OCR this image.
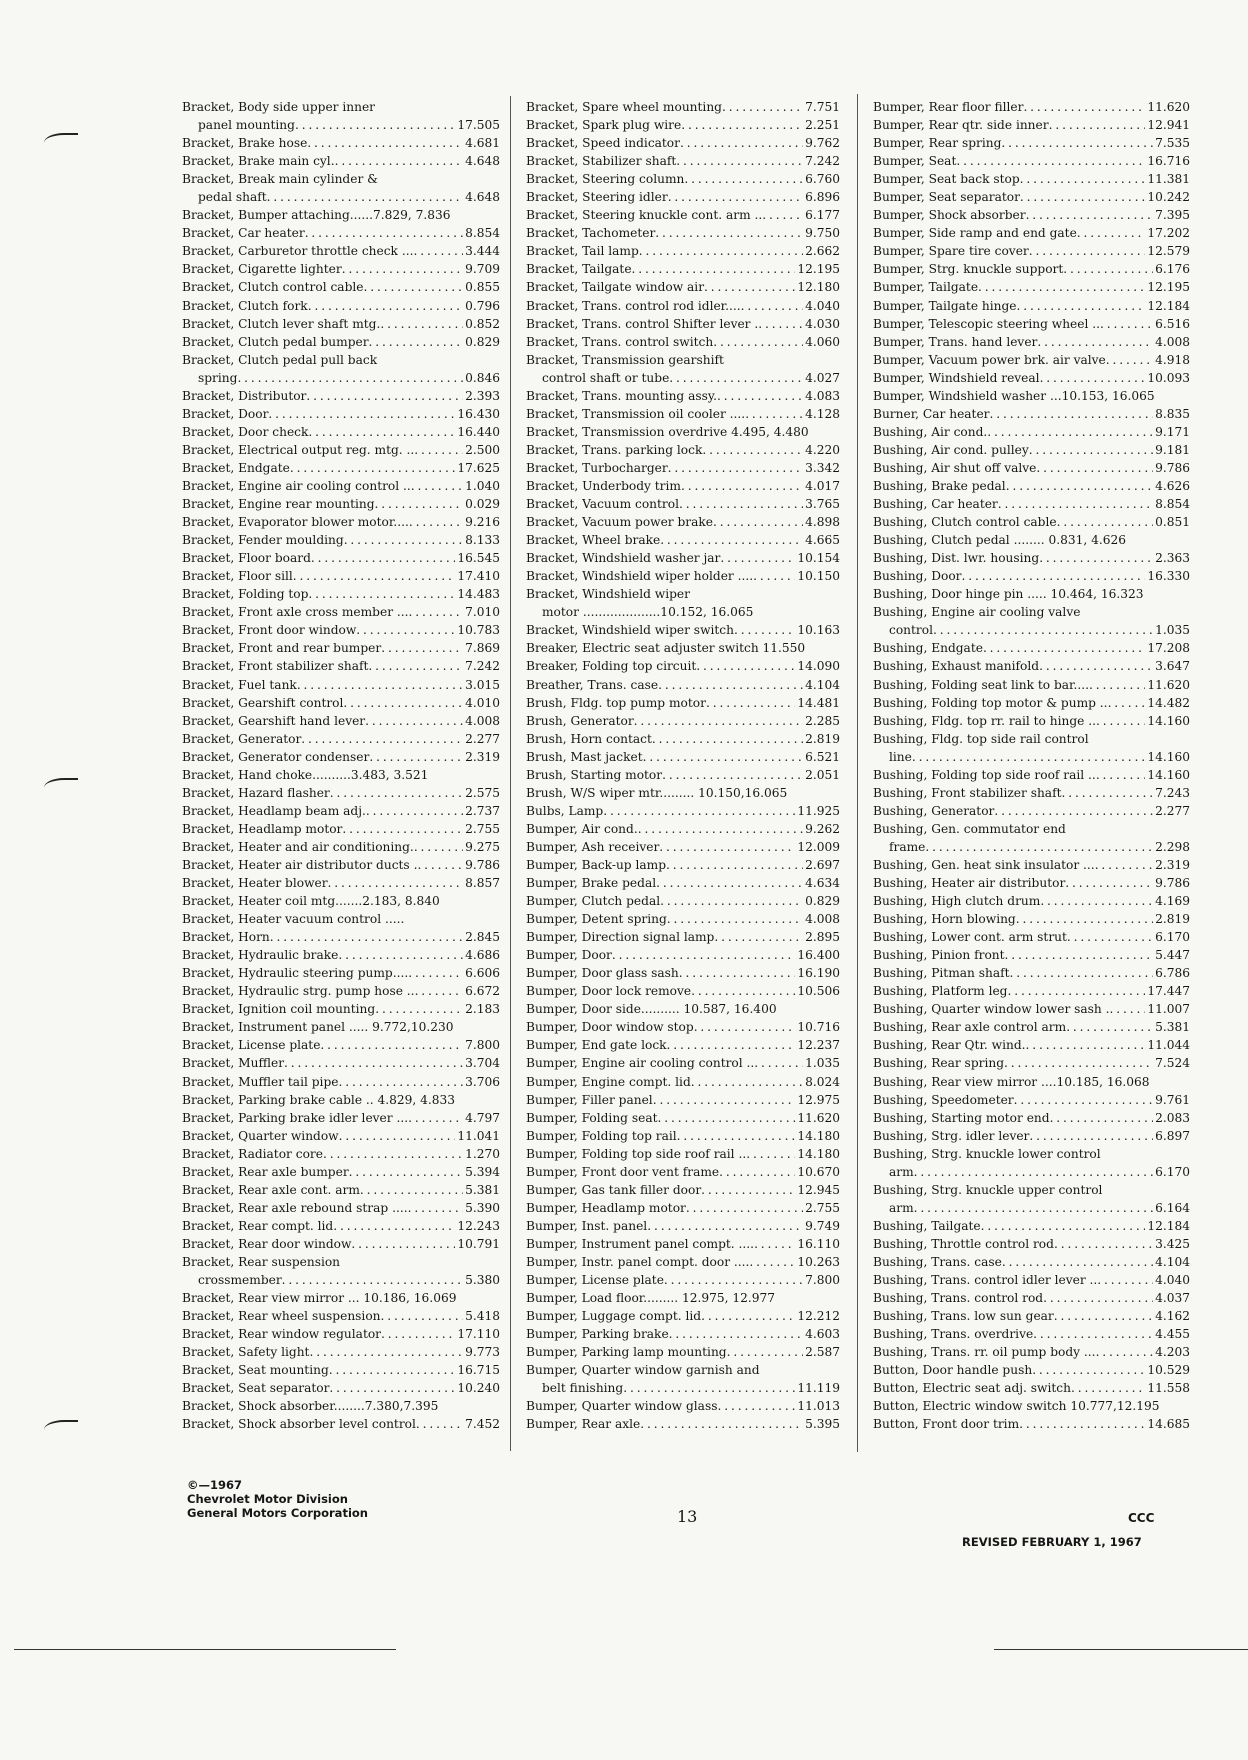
Bracket, Body side upper inner
panel mounting . . .	17.505
Bracket, Brake hose . . .	4.681
Bracket, Brake main cyl. . . .	4.648
Bracket, Break main cylinder &
pedal shaft . . .	4.648
Bracket, Bumper attaching......7.829, 7.836
Bracket, Car heater . . .	8.854
Bracket, Carburetor throttle check ... . . .	3.444
Bracket, Cigarette lighter . . .	9.709
Bracket, Clutch control cable . . .	0.855
Bracket, Clutch fork . . .	0.796
Bracket, Clutch lever shaft mtg. . . .	0.852
Bracket, Clutch pedal bumper . . .	0.829
Bracket, Clutch pedal pull back
spring . . .	0.846
Bracket, Distributor . . .	2.393
Bracket, Door . . .	16.430
Bracket, Door check . . .	16.440
Bracket, Electrical output reg. mtg. .. . . .	2.500
Bracket, Endgate . . .	17.625
Bracket, Engine air cooling control .. . . .	1.040
Bracket, Engine rear mounting . . .	0.029
Bracket, Evaporator blower motor.... . . .	9.216
Bracket, Fender moulding . . .	8.133
Bracket, Floor board . . .	16.545
Bracket, Floor sill . . .	17.410
Bracket, Folding top . . .	14.483
Bracket, Front axle cross member ... . . .	7.010
Bracket, Front door window . . .	10.783
Bracket, Front and rear bumper . . .	7.869
Bracket, Front stabilizer shaft . . .	7.242
Bracket, Fuel tank . . .	3.015
Bracket, Gearshift control . . .	4.010
Bracket, Gearshift hand lever . . .	4.008
Bracket, Generator . . .	2.277
Bracket, Generator condenser . . .	2.319
Bracket, Hand choke..........3.483, 3.521
Bracket, Hazard flasher . . .	2.575
Bracket, Headlamp beam adj. . . .	2.737
Bracket, Headlamp motor . . .	2.755
Bracket, Heater and air conditioning. . . .	9.275
Bracket, Heater air distributor ducts . . . .	9.786
Bracket, Heater blower . . .	8.857
Bracket, Heater coil mtg.......2.183, 8.840
Bracket, Heater vacuum control .....
Bracket, Horn . . .	2.845
Bracket, Hydraulic brake . . .	4.686
Bracket, Hydraulic steering pump.... . . .	6.606
Bracket, Hydraulic strg. pump hose .. . . .	6.672
Bracket, Ignition coil mounting . . .	2.183
Bracket, Instrument panel ..... 9.772,10.230
Bracket, License plate . . .	7.800
Bracket, Muffler . . .	3.704
Bracket, Muffler tail pipe . . .	3.706
Bracket, Parking brake cable .. 4.829, 4.833
Bracket, Parking brake idler lever ... . . .	4.797
Bracket, Quarter window . . .	11.041
Bracket, Radiator core . . .	1.270
Bracket, Rear axle bumper . . .	5.394
Bracket, Rear axle cont. arm . . .	5.381
Bracket, Rear axle rebound strap .... . . .	5.390
Bracket, Rear compt. lid . . .	12.243
Bracket, Rear door window . . .	10.791
Bracket, Rear suspension
crossmember . . .	5.380
Bracket, Rear view mirror ... 10.186, 16.069
Bracket, Rear wheel suspension . . .	5.418
Bracket, Rear window regulator . . .	17.110
Bracket, Safety light . . .	9.773
Bracket, Seat mounting . . .	16.715
Bracket, Seat separator . . .	10.240
Bracket, Shock absorber........7.380,7.395
Bracket, Shock absorber level control . . .	7.452
Bracket, Spare wheel mounting . . .	7.751
Bracket, Spark plug wire . . .	2.251
Bracket, Speed indicator . . .	9.762
Bracket, Stabilizer shaft . . .	7.242
Bracket, Steering column . . .	6.760
Bracket, Steering idler . . .	6.896
Bracket, Steering knuckle cont. arm .. . . .	6.177
Bracket, Tachometer . . .	9.750
Bracket, Tail lamp . . .	2.662
Bracket, Tailgate . . .	12.195
Bracket, Tailgate window air . . .	12.180
Bracket, Trans. control rod idler.... . . .	4.040
Bracket, Trans. control Shifter lever . . . .	4.030
Bracket, Trans. control switch . . .	4.060
Bracket, Transmission gearshift
control shaft or tube . . .	4.027
Bracket, Trans. mounting assy. . . .	4.083
Bracket, Transmission oil cooler .... . . .	4.128
Bracket, Transmission overdrive 4.495, 4.480
Bracket, Trans. parking lock . . .	4.220
Bracket, Turbocharger . . .	3.342
Bracket, Underbody trim . . .	4.017
Bracket, Vacuum control . . .	3.765
Bracket, Vacuum power brake . . .	4.898
Bracket, Wheel brake . . .	4.665
Bracket, Windshield washer jar . . .	10.154
Bracket, Windshield wiper holder .... . . .	10.150
Bracket, Windshield wiper
motor ....................10.152, 16.065
Bracket, Windshield wiper switch . . .	10.163
Breaker, Electric seat adjuster switch 11.550
Breaker, Folding top circuit . . .	14.090
Breather, Trans. case . . .	4.104
Brush, Fldg. top pump motor . . .	14.481
Brush, Generator . . .	2.285
Brush, Horn contact . . .	2.819
Brush, Mast jacket . . .	6.521
Brush, Starting motor . . .	2.051
Brush, W/S wiper mtr......... 10.150,16.065
Bulbs, Lamp . . .	11.925
Bumper, Air cond. . . .	9.262
Bumper, Ash receiver . . .	12.009
Bumper, Back-up lamp . . .	2.697
Bumper, Brake pedal . . .	4.634
Bumper, Clutch pedal . . .	0.829
Bumper, Detent spring . . .	4.008
Bumper, Direction signal lamp . . .	2.895
Bumper, Door . . .	16.400
Bumper, Door glass sash . . .	16.190
Bumper, Door lock remove . . .	10.506
Bumper, Door side.......... 10.587, 16.400
Bumper, Door window stop . . .	10.716
Bumper, End gate lock . . .	12.237
Bumper, Engine air cooling control .. . . .	1.035
Bumper, Engine compt. lid . . .	8.024
Bumper, Filler panel . . .	12.975
Bumper, Folding seat . . .	11.620
Bumper, Folding top rail . . .	14.180
Bumper, Folding top side roof rail .. . . .	14.180
Bumper, Front door vent frame . . .	10.670
Bumper, Gas tank filler door . . .	12.945
Bumper, Headlamp motor . . .	2.755
Bumper, Inst. panel . . .	9.749
Bumper, Instrument panel compt. .... . . .	16.110
Bumper, Instr. panel compt. door .... . . .	10.263
Bumper, License plate . . .	7.800
Bumper, Load floor......... 12.975, 12.977
Bumper, Luggage compt. lid . . .	12.212
Bumper, Parking brake . . .	4.603
Bumper, Parking lamp mounting . . .	2.587
Bumper, Quarter window garnish and
belt finishing . . .	11.119
Bumper, Quarter window glass . . .	11.013
Bumper, Rear axle . . .	5.395
Bumper, Rear floor filler . . .	11.620
Bumper, Rear qtr. side inner . . .	12.941
Bumper, Rear spring . . .	7.535
Bumper, Seat . . .	16.716
Bumper, Seat back stop . . .	11.381
Bumper, Seat separator . . .	10.242
Bumper, Shock absorber . . .	7.395
Bumper, Side ramp and end gate . . .	17.202
Bumper, Spare tire cover . . .	12.579
Bumper, Strg. knuckle support . . .	6.176
Bumper, Tailgate . . .	12.195
Bumper, Tailgate hinge . . .	12.184
Bumper, Telescopic steering wheel .. . . .	6.516
Bumper, Trans. hand lever . . .	4.008
Bumper, Vacuum power brk. air valve . . .	4.918
Bumper, Windshield reveal . . .	10.093
Bumper, Windshield washer ...10.153, 16.065
Burner, Car heater . . .	8.835
Bushing, Air cond. . . .	9.171
Bushing, Air cond. pulley . . .	9.181
Bushing, Air shut off valve . . .	9.786
Bushing, Brake pedal . . .	4.626
Bushing, Car heater . . .	8.854
Bushing, Clutch control cable . . .	0.851
Bushing, Clutch pedal ........ 0.831, 4.626
Bushing, Dist. lwr. housing . . .	2.363
Bushing, Door . . .	16.330
Bushing, Door hinge pin ..... 10.464, 16.323
Bushing, Engine air cooling valve
control . . .	1.035
Bushing, Endgate . . .	17.208
Bushing, Exhaust manifold . . .	3.647
Bushing, Folding seat link to bar.... . . .	11.620
Bushing, Folding top motor & pump .. . . .	14.482
Bushing, Fldg. top rr. rail to hinge .. . . .	14.160
Bushing, Fldg. top side rail control
line . . .	14.160
Bushing, Folding top side roof rail .. . . .	14.160
Bushing, Front stabilizer shaft . . .	7.243
Bushing, Generator . . .	2.277
Bushing, Gen. commutator end
frame . . .	2.298
Bushing, Gen. heat sink insulator ... . . .	2.319
Bushing, Heater air distributor . . .	9.786
Bushing, High clutch drum . . .	4.169
Bushing, Horn blowing . . .	2.819
Bushing, Lower cont. arm strut . . .	6.170
Bushing, Pinion front . . .	5.447
Bushing, Pitman shaft . . .	6.786
Bushing, Platform leg . . .	17.447
Bushing, Quarter window lower sash . . . .	11.007
Bushing, Rear axle control arm . . .	5.381
Bushing, Rear Qtr. wind. . . .	11.044
Bushing, Rear spring . . .	7.524
Bushing, Rear view mirror ....10.185, 16.068
Bushing, Speedometer . . .	9.761
Bushing, Starting motor end . . .	2.083
Bushing, Strg. idler lever . . .	6.897
Bushing, Strg. knuckle lower control
arm . . .	6.170
Bushing, Strg. knuckle upper control
arm . . .	6.164
Bushing, Tailgate . . .	12.184
Bushing, Throttle control rod . . .	3.425
Bushing, Trans. case . . .	4.104
Bushing, Trans. control idler lever .. . . .	4.040
Bushing, Trans. control rod . . .	4.037
Bushing, Trans. low sun gear . . .	4.162
Bushing, Trans. overdrive . . .	4.455
Bushing, Trans. rr. oil pump body ... . . .	4.203
Button, Door handle push . . .	10.529
Button, Electric seat adj. switch . . .	11.558
Button, Electric window switch 10.777,12.195
Button, Front door trim . . .	14.685
©—1967
Chevrolet Motor Division
General Motors Corporation	13	CCC
REVISED FEBRUARY 1, 1967
